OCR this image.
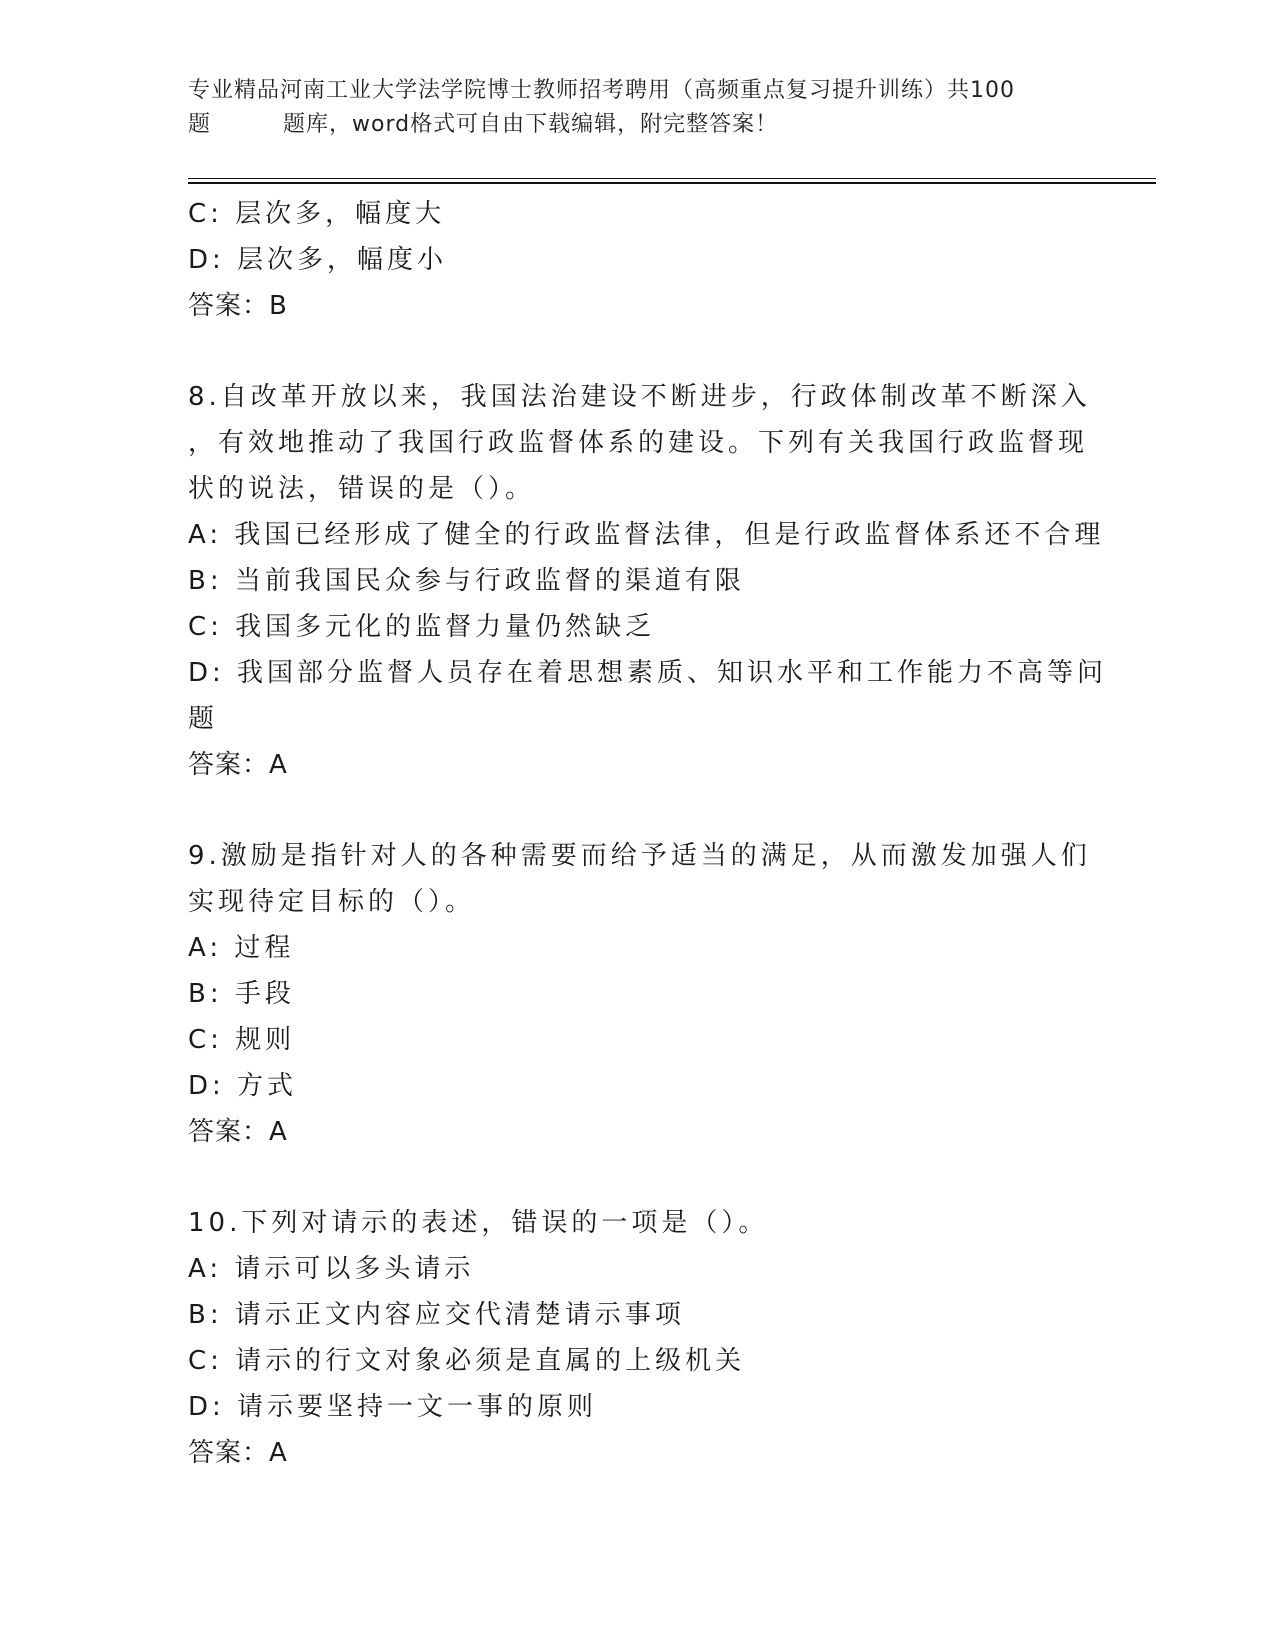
专业精品河南工业大学法学院博士教师招考聘用（高频重点复习提升训练）共100
题	题库，word格式可自由下载编辑，附完整答案！
C: 层次多，幅度大
D: 层次多，幅度小
答案：B
8.自改革开放以来，我国法治建设不断进步，行政体制改革不断深入
，有效地推动了我国行政监督体系的建设。下列有关我国行政监督现
状的说法，错误的是（）。
A: 我国已经形成了健全的行政监督法律，但是行政监督体系还不合理
B: 当前我国民众参与行政监督的渠道有限
C: 我国多元化的监督力量仍然缺乏
D: 我国部分监督人员存在着思想素质、知识水平和工作能力不高等问
题
答案：A
9.激励是指针对人的各种需要而给予适当的满足，从而激发加强人们
实现待定目标的（）。
A: 过程
B: 手段
C: 规则
D: 方式
答案：A
10.下列对请示的表述，错误的一项是（）。
A: 请示可以多头请示
B: 请示正文内容应交代清楚请示事项
C: 请示的行文对象必须是直属的上级机关
D: 请示要坚持一文一事的原则
答案：A
